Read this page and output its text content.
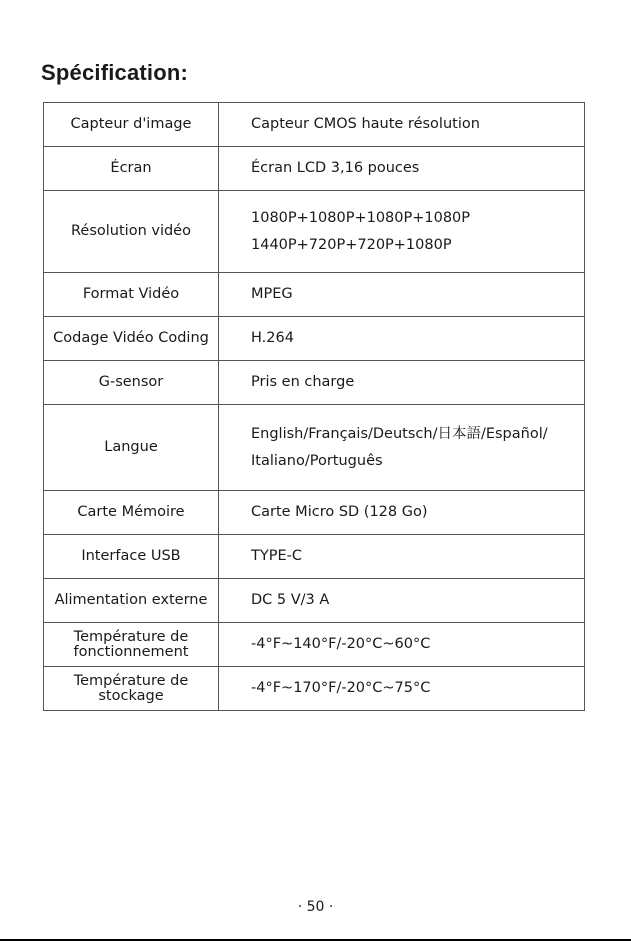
Spécification:
Capteur d'image	Capteur CMOS haute résolution

Écran	Écran LCD 3,16 pouces

Résolution vidéo	1080P+1080P+1080P+1080P
1440P+720P+720P+1080P

Format Vidéo	MPEG

Codage Vidéo Coding	H.264

G-sensor	Pris en charge

Langue	English/Français/Deutsch/日本語/Español/
Italiano/Português

Carte Mémoire	Carte Micro SD (128 Go)

Interface USB	TYPE-C

Alimentation externe	DC 5 V/3 A

Température de
fonctionnement	-4°F~140°F/-20°C~60°C

Température de
stockage	-4°F~170°F/-20°C~75°C
· 50 ·
